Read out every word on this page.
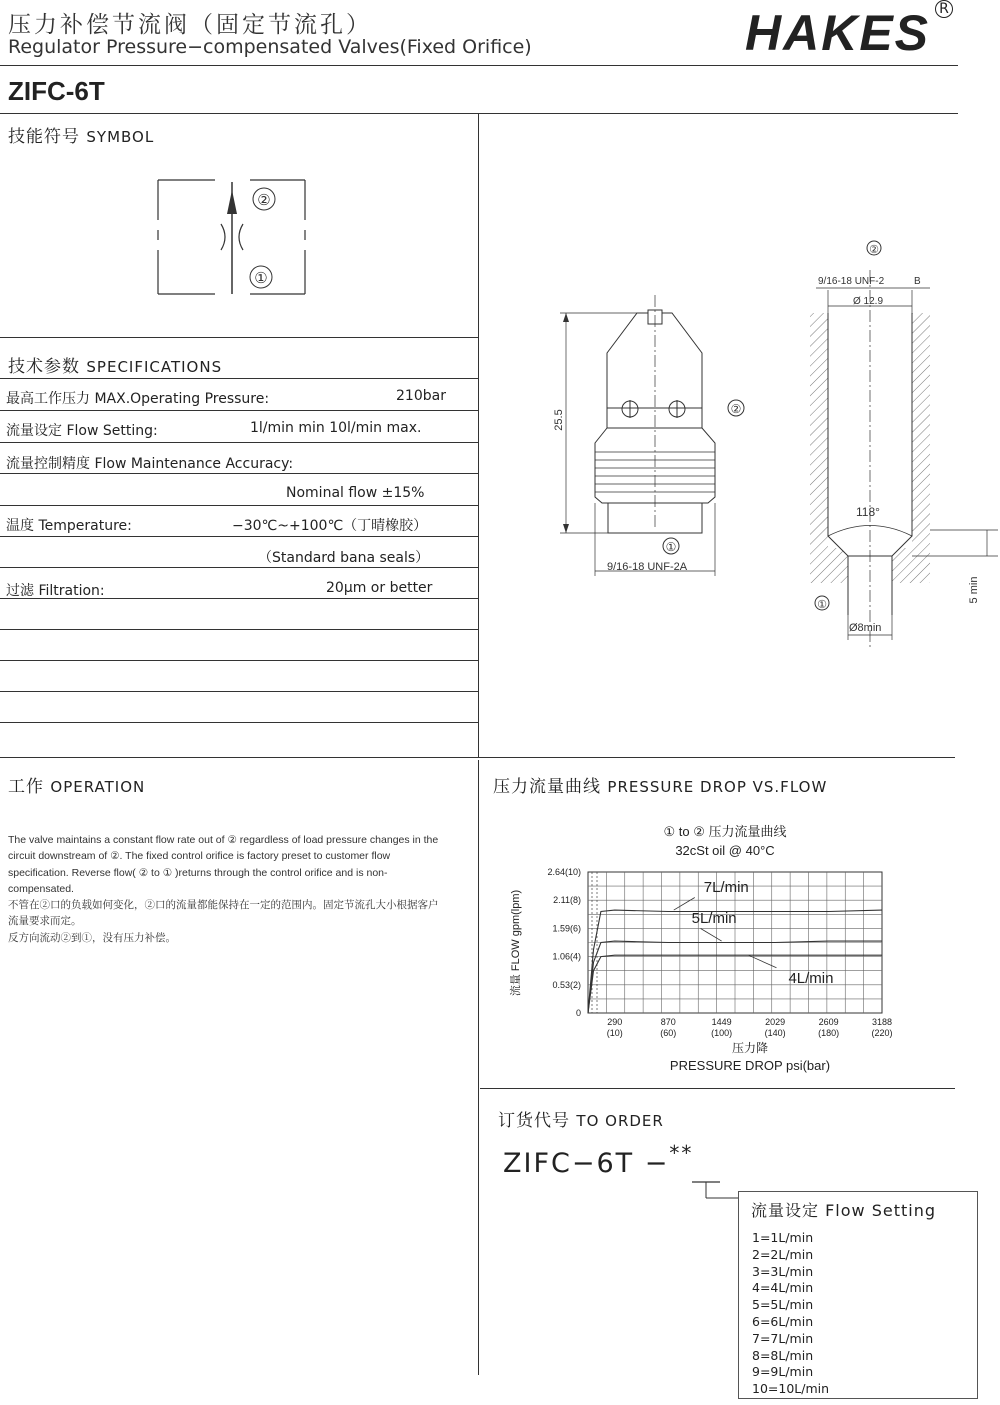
压力补偿节流阀（固定节流孔）
Regulator Pressure−compensated Valves(Fixed Orifice)	HAKES R
ZIFC-6T
技能符号 SYMBOL
②
①
技术参数 SPECIFICATIONS
最高工作压力 MAX.Operating Pressure:	210bar
流量设定 Flow Setting:	1l/min min 10l/min max.
流量控制精度 Flow Maintenance Accuracy:
Nominal flow ±15%
温度 Temperature:	−30℃~+100℃（丁晴橡胶）
（Standard bana seals）
过滤 Filtration:	20μm or better
25.5
①
9/16-18 UNF-2A
②
②
9/16-18 UNF-2	B
Ø 12.9
118°
5 min
①
Ø8min
工作 OPERATION

The valve maintains a constant flow rate out of ② regardless of load pressure changes in the circuit downstream of ②. The fixed control orifice is factory preset to customer flow specification. Reverse flow( ② to ① )returns through the control orifice and is non-compensated.

不管在②口的负载如何变化，②口的流量都能保持在一定的范围内。固定节流孔大小根据客户流量要求而定。

反方向流动②到①，没有压力补偿。

压力流量曲线 PRESSURE DROP VS.FLOW
① to ② 压力流量曲线
32cSt oil @ 40°C
0
0.53(2)
1.06(4)
1.59(6)
2.11(8)
2.64(10)
290
(10)
870
(60)
1449
(100)
2029
(140)
2609
(180)
3188
(220)
流量 FLOW gpm(lpm)
压力降
PRESSURE DROP psi(bar)
7L/min
5L/min
4L/min
订货代号 TO ORDER
ZIFC−6T −**
流量设定 Flow Setting
1=1L/min
2=2L/min
3=3L/min
4=4L/min
5=5L/min
6=6L/min
7=7L/min
8=8L/min
9=9L/min
10=10L/min
